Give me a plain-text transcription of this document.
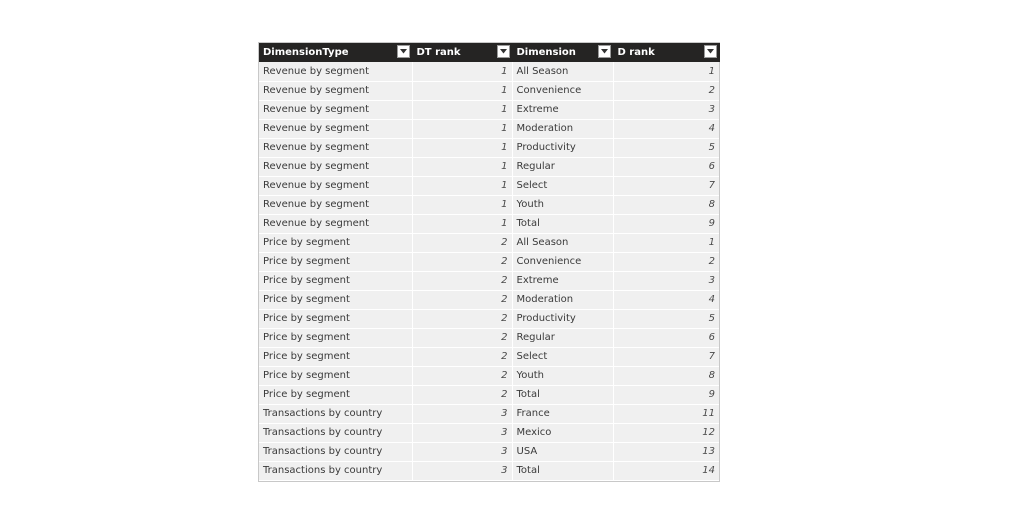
DimensionType	DT rank	Dimension	D rank

Revenue by segment	1	All Season	1
Revenue by segment	1	Convenience	2
Revenue by segment	1	Extreme	3
Revenue by segment	1	Moderation	4
Revenue by segment	1	Productivity	5
Revenue by segment	1	Regular	6
Revenue by segment	1	Select	7
Revenue by segment	1	Youth	8
Revenue by segment	1	Total	9
Price by segment	2	All Season	1
Price by segment	2	Convenience	2
Price by segment	2	Extreme	3
Price by segment	2	Moderation	4
Price by segment	2	Productivity	5
Price by segment	2	Regular	6
Price by segment	2	Select	7
Price by segment	2	Youth	8
Price by segment	2	Total	9
Transactions by country	3	France	11
Transactions by country	3	Mexico	12
Transactions by country	3	USA	13
Transactions by country	3	Total	14
